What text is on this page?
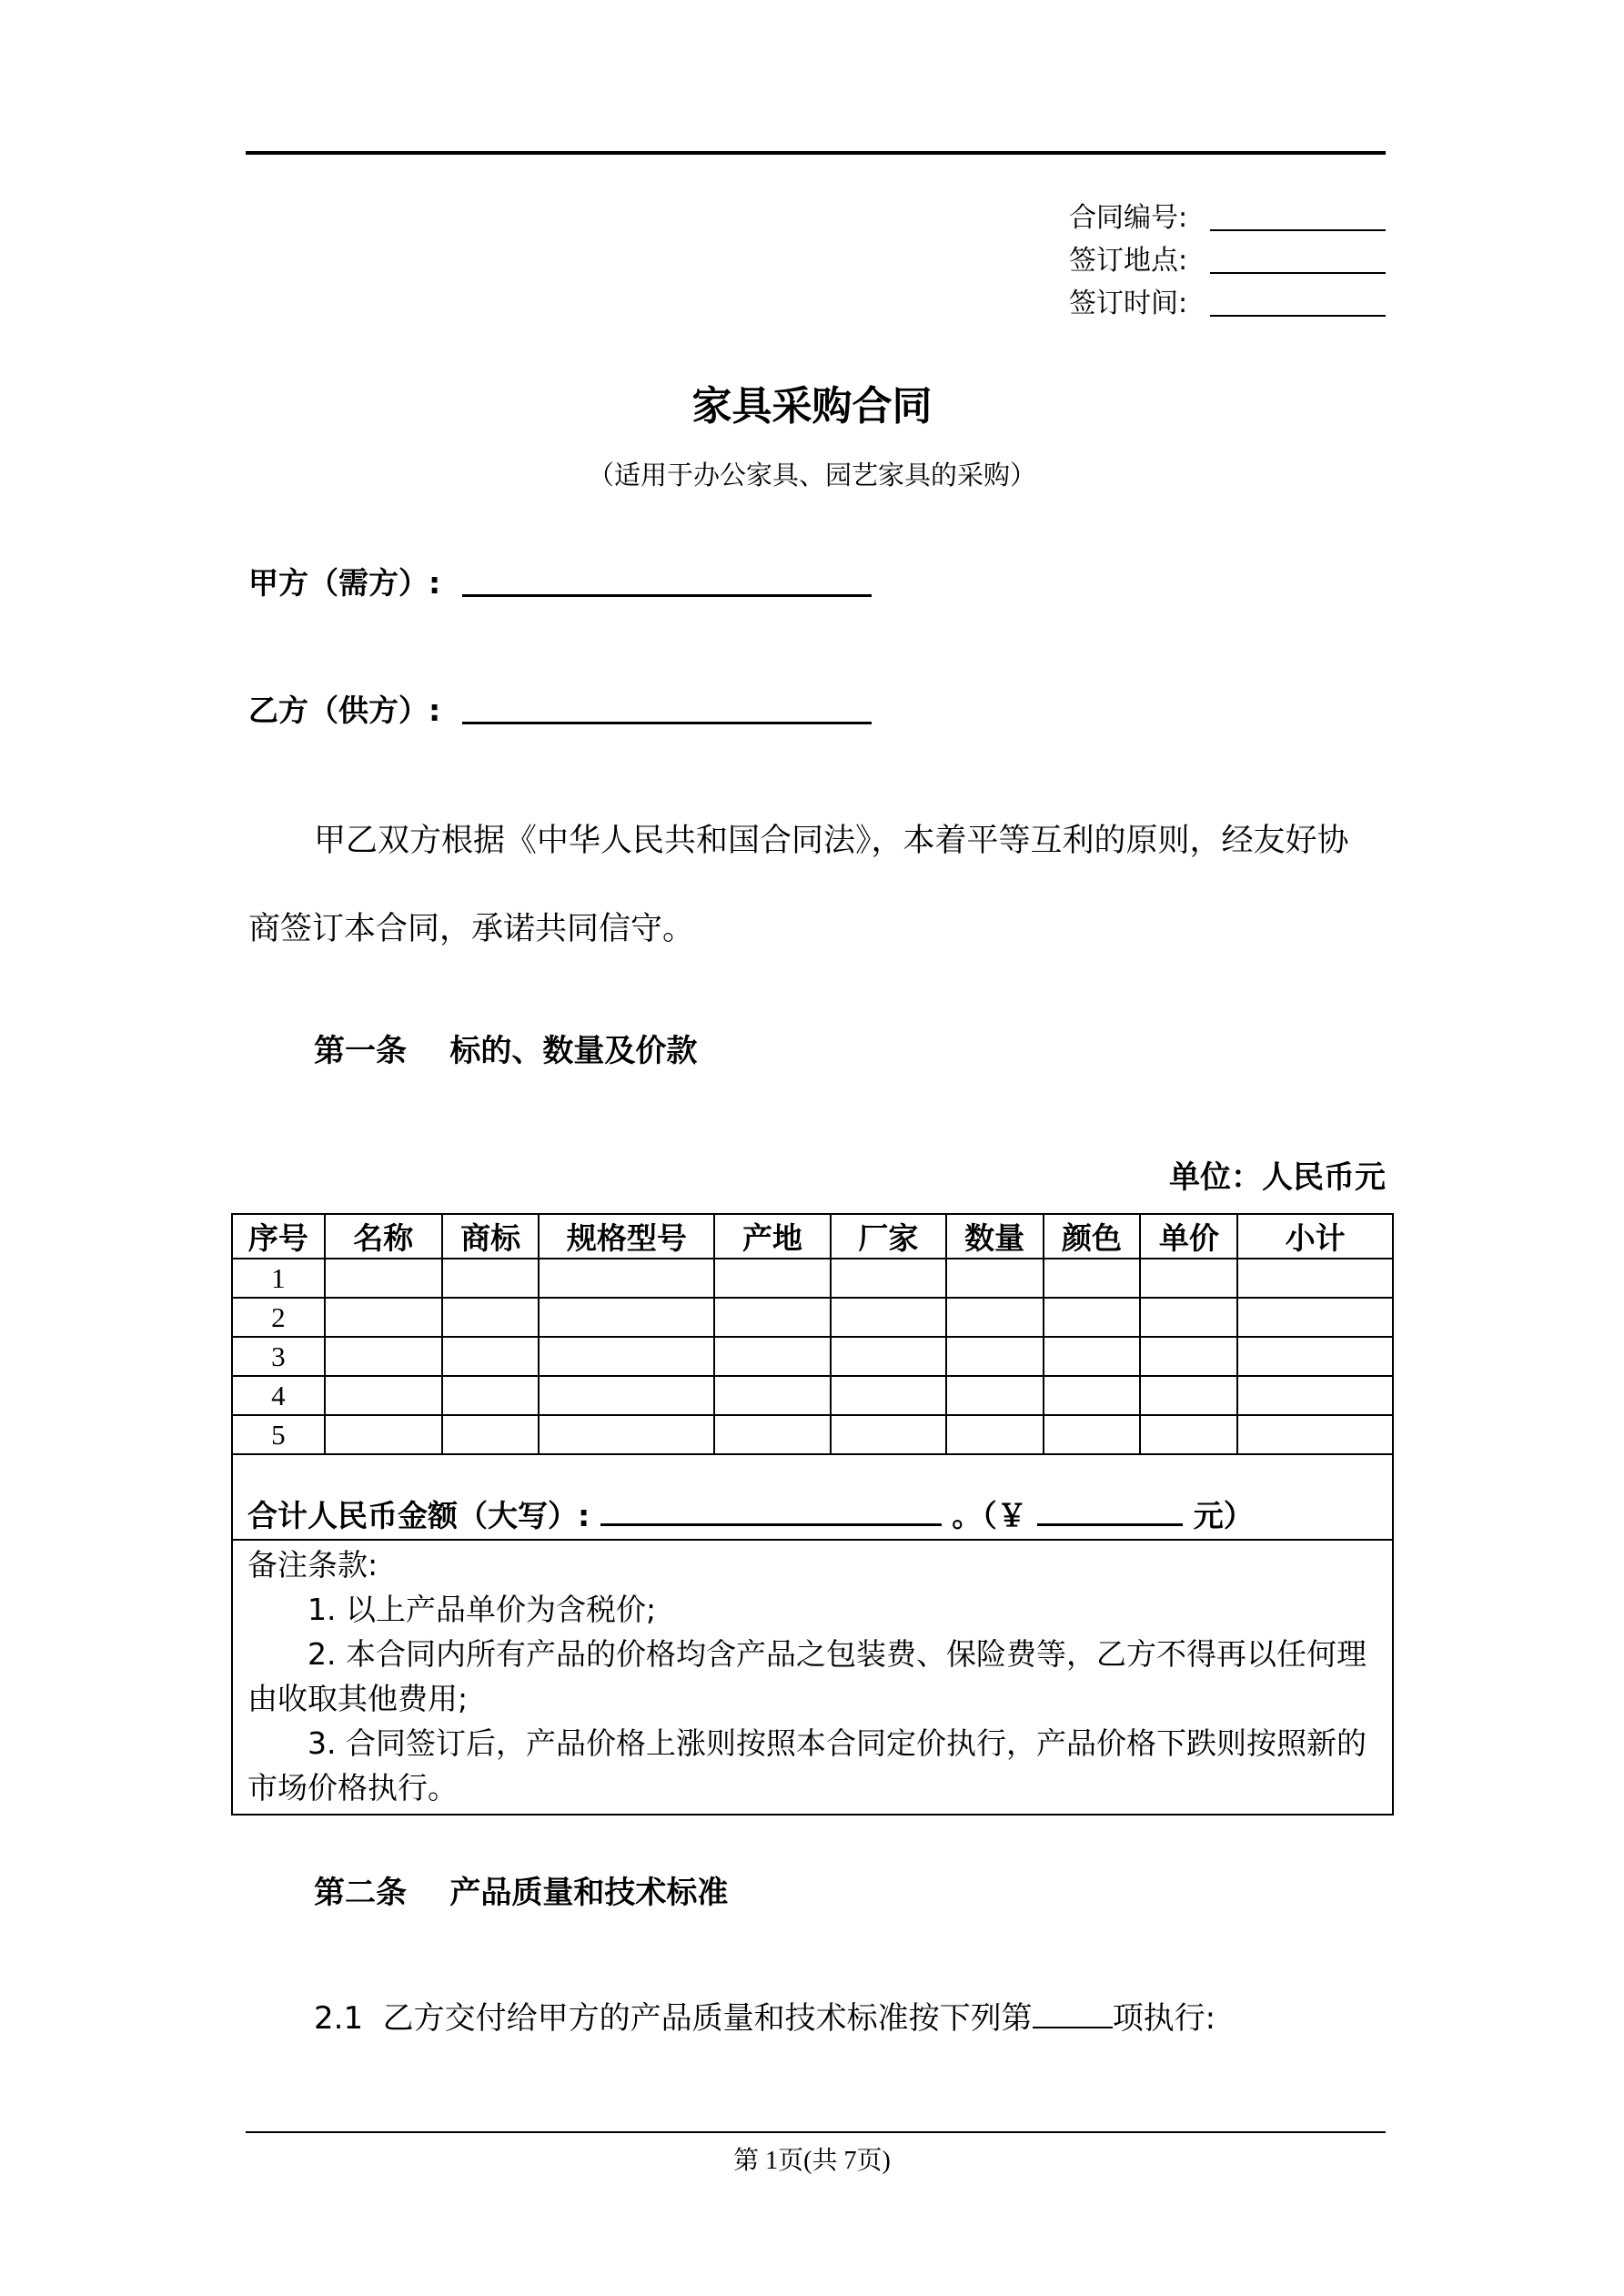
合同编号:
签订地点:
签订时间:
家具采购合同
（适用于办公家具、园艺家具的采购）
甲方（需方）:
乙方（供方）:
甲乙双方根据《中华人民共和国合同法》，本着平等互利的原则，经友好协
商签订本合同，承诺共同信守。
第一条    标的、数量及价款
单位：人民币元
序号	名称	商标	规格型号	产地	厂家	数量	颜色	单价	小计
1									
2									
3									
4									
5									
合计人民币金额（大写）: 。（￥ 元）									

备注条款:

1. 以上产品单价为含税价;

2. 本合同内所有产品的价格均含产品之包装费、保险费等，乙方不得再以任何理由收取其他费用;

3. 合同签订后，产品价格上涨则按照本合同定价执行，产品价格下跌则按照新的市场价格执行。									

第二条    产品质量和技术标准
2.1  乙方交付给甲方的产品质量和技术标准按下列第	项执行:
第 1页(共 7页)
